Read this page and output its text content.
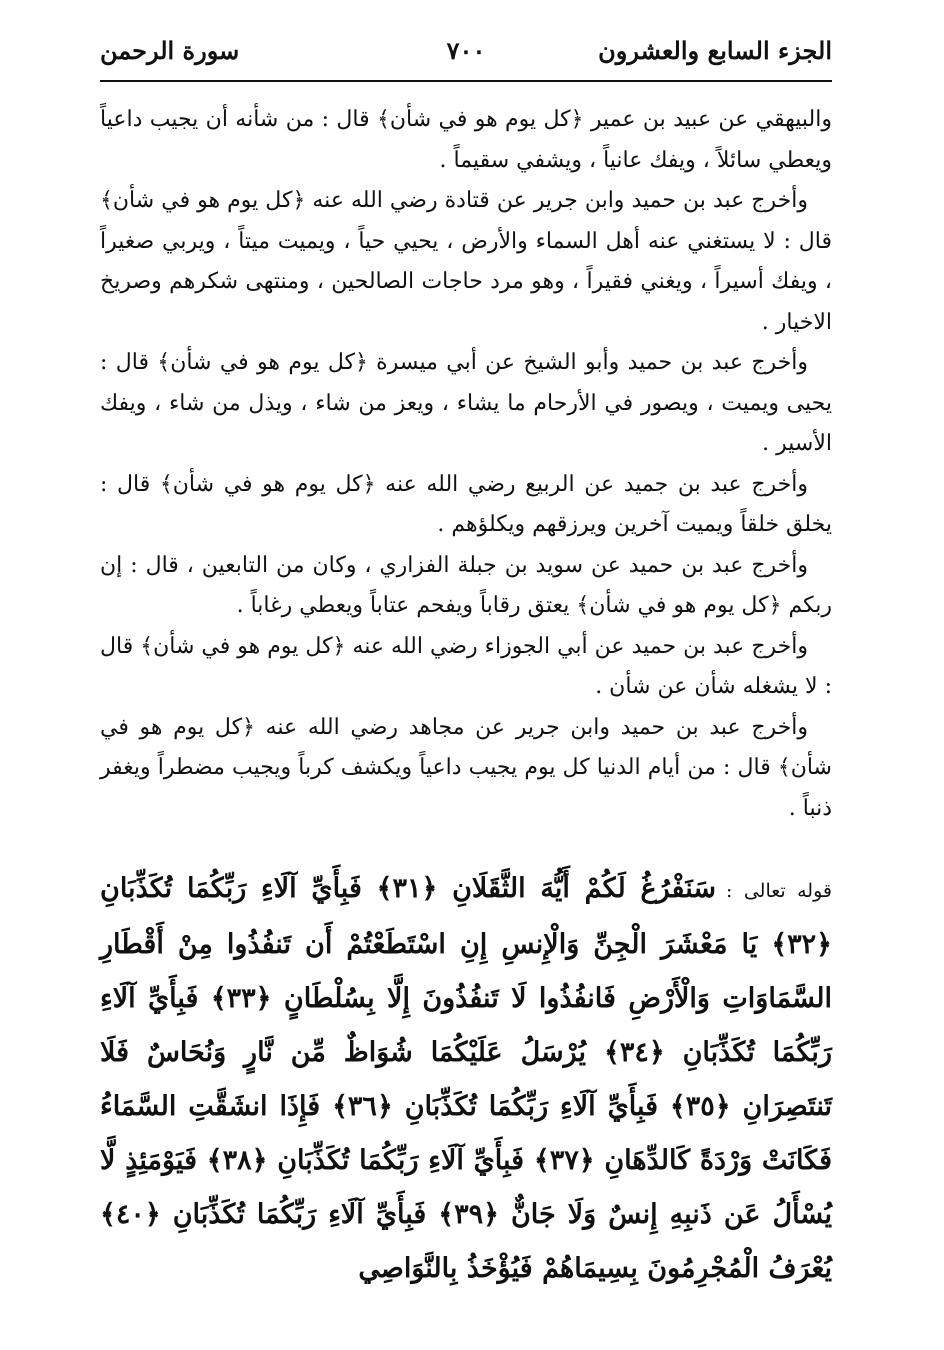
الجزء السابع والعشرون
٧٠٠
سورة الرحمن

والبيهقي عن عبيد بن عمير ﴿كل يوم هو في شأن﴾ قال : من شأنه أن يجيب داعياً ويعطي سائلاً ، ويفك عانياً ، ويشفي سقيماً .

وأخرج عبد بن حميد وابن جرير عن قتادة رضي الله عنه ﴿كل يوم هو في شأن﴾ قال : لا يستغني عنه أهل السماء والأرض ، يحيي حياً ، ويميت ميتاً ، ويربي صغيراً ، ويفك أسيراً ، ويغني فقيراً ، وهو مرد حاجات الصالحين ، ومنتهى شكرهم وصريخ الاخيار .

وأخرج عبد بن حميد وأبو الشيخ عن أبي ميسرة ﴿كل يوم هو في شأن﴾ قال : يحيى ويميت ، ويصور في الأرحام ما يشاء ، ويعز من شاء ، ويذل من شاء ، ويفك الأسير .

وأخرج عبد بن جميد عن الربيع رضي الله عنه ﴿كل يوم هو في شأن﴾ قال : يخلق خلقاً ويميت آخرين ويرزقهم ويكلؤهم .

وأخرج عبد بن حميد عن سويد بن جبلة الفزاري ، وكان من التابعين ، قال : إن ربكم ﴿كل يوم هو في شأن﴾ يعتق رقاباً ويفحم عتاباً ويعطي رغاباً .

وأخرج عبد بن حميد عن أبي الجوزاء رضي الله عنه ﴿كل يوم هو في شأن﴾ قال : لا يشغله شأن عن شأن .

وأخرج عبد بن حميد وابن جرير عن مجاهد رضي الله عنه ﴿كل يوم هو في شأن﴾ قال : من أيام الدنيا كل يوم يجيب داعياً ويكشف كرباً ويجيب مضطراً ويغفر ذنباً .

قوله تعالى :سَنَفْرُغُ لَكُمْ أَيُّهَ الثَّقَلَانِ ﴿٣١﴾ فَبِأَيِّ آلَاءِ رَبِّكُمَا تُكَذِّبَانِ ﴿٣٢﴾ يَا مَعْشَرَ الْجِنِّ وَالْإِنسِ إِنِ اسْتَطَعْتُمْ أَن تَنفُذُوا مِنْ أَقْطَارِ السَّمَاوَاتِ وَالْأَرْضِ فَانفُذُوا لَا تَنفُذُونَ إِلَّا بِسُلْطَانٍ ﴿٣٣﴾ فَبِأَيِّ آلَاءِ رَبِّكُمَا تُكَذِّبَانِ ﴿٣٤﴾ يُرْسَلُ عَلَيْكُمَا شُوَاظٌ مِّن نَّارٍ وَنُحَاسٌ فَلَا تَنتَصِرَانِ ﴿٣٥﴾ فَبِأَيِّ آلَاءِ رَبِّكُمَا تُكَذِّبَانِ ﴿٣٦﴾ فَإِذَا انشَقَّتِ السَّمَاءُ فَكَانَتْ وَرْدَةً كَالدِّهَانِ ﴿٣٧﴾ فَبِأَيِّ آلَاءِ رَبِّكُمَا تُكَذِّبَانِ ﴿٣٨﴾ فَيَوْمَئِذٍ لَّا يُسْأَلُ عَن ذَنبِهِ إِنسٌ وَلَا جَانٌّ ﴿٣٩﴾ فَبِأَيِّ آلَاءِ رَبِّكُمَا تُكَذِّبَانِ ﴿٤٠﴾ يُعْرَفُ الْمُجْرِمُونَ بِسِيمَاهُمْ فَيُؤْخَذُ بِالنَّوَاصِي
